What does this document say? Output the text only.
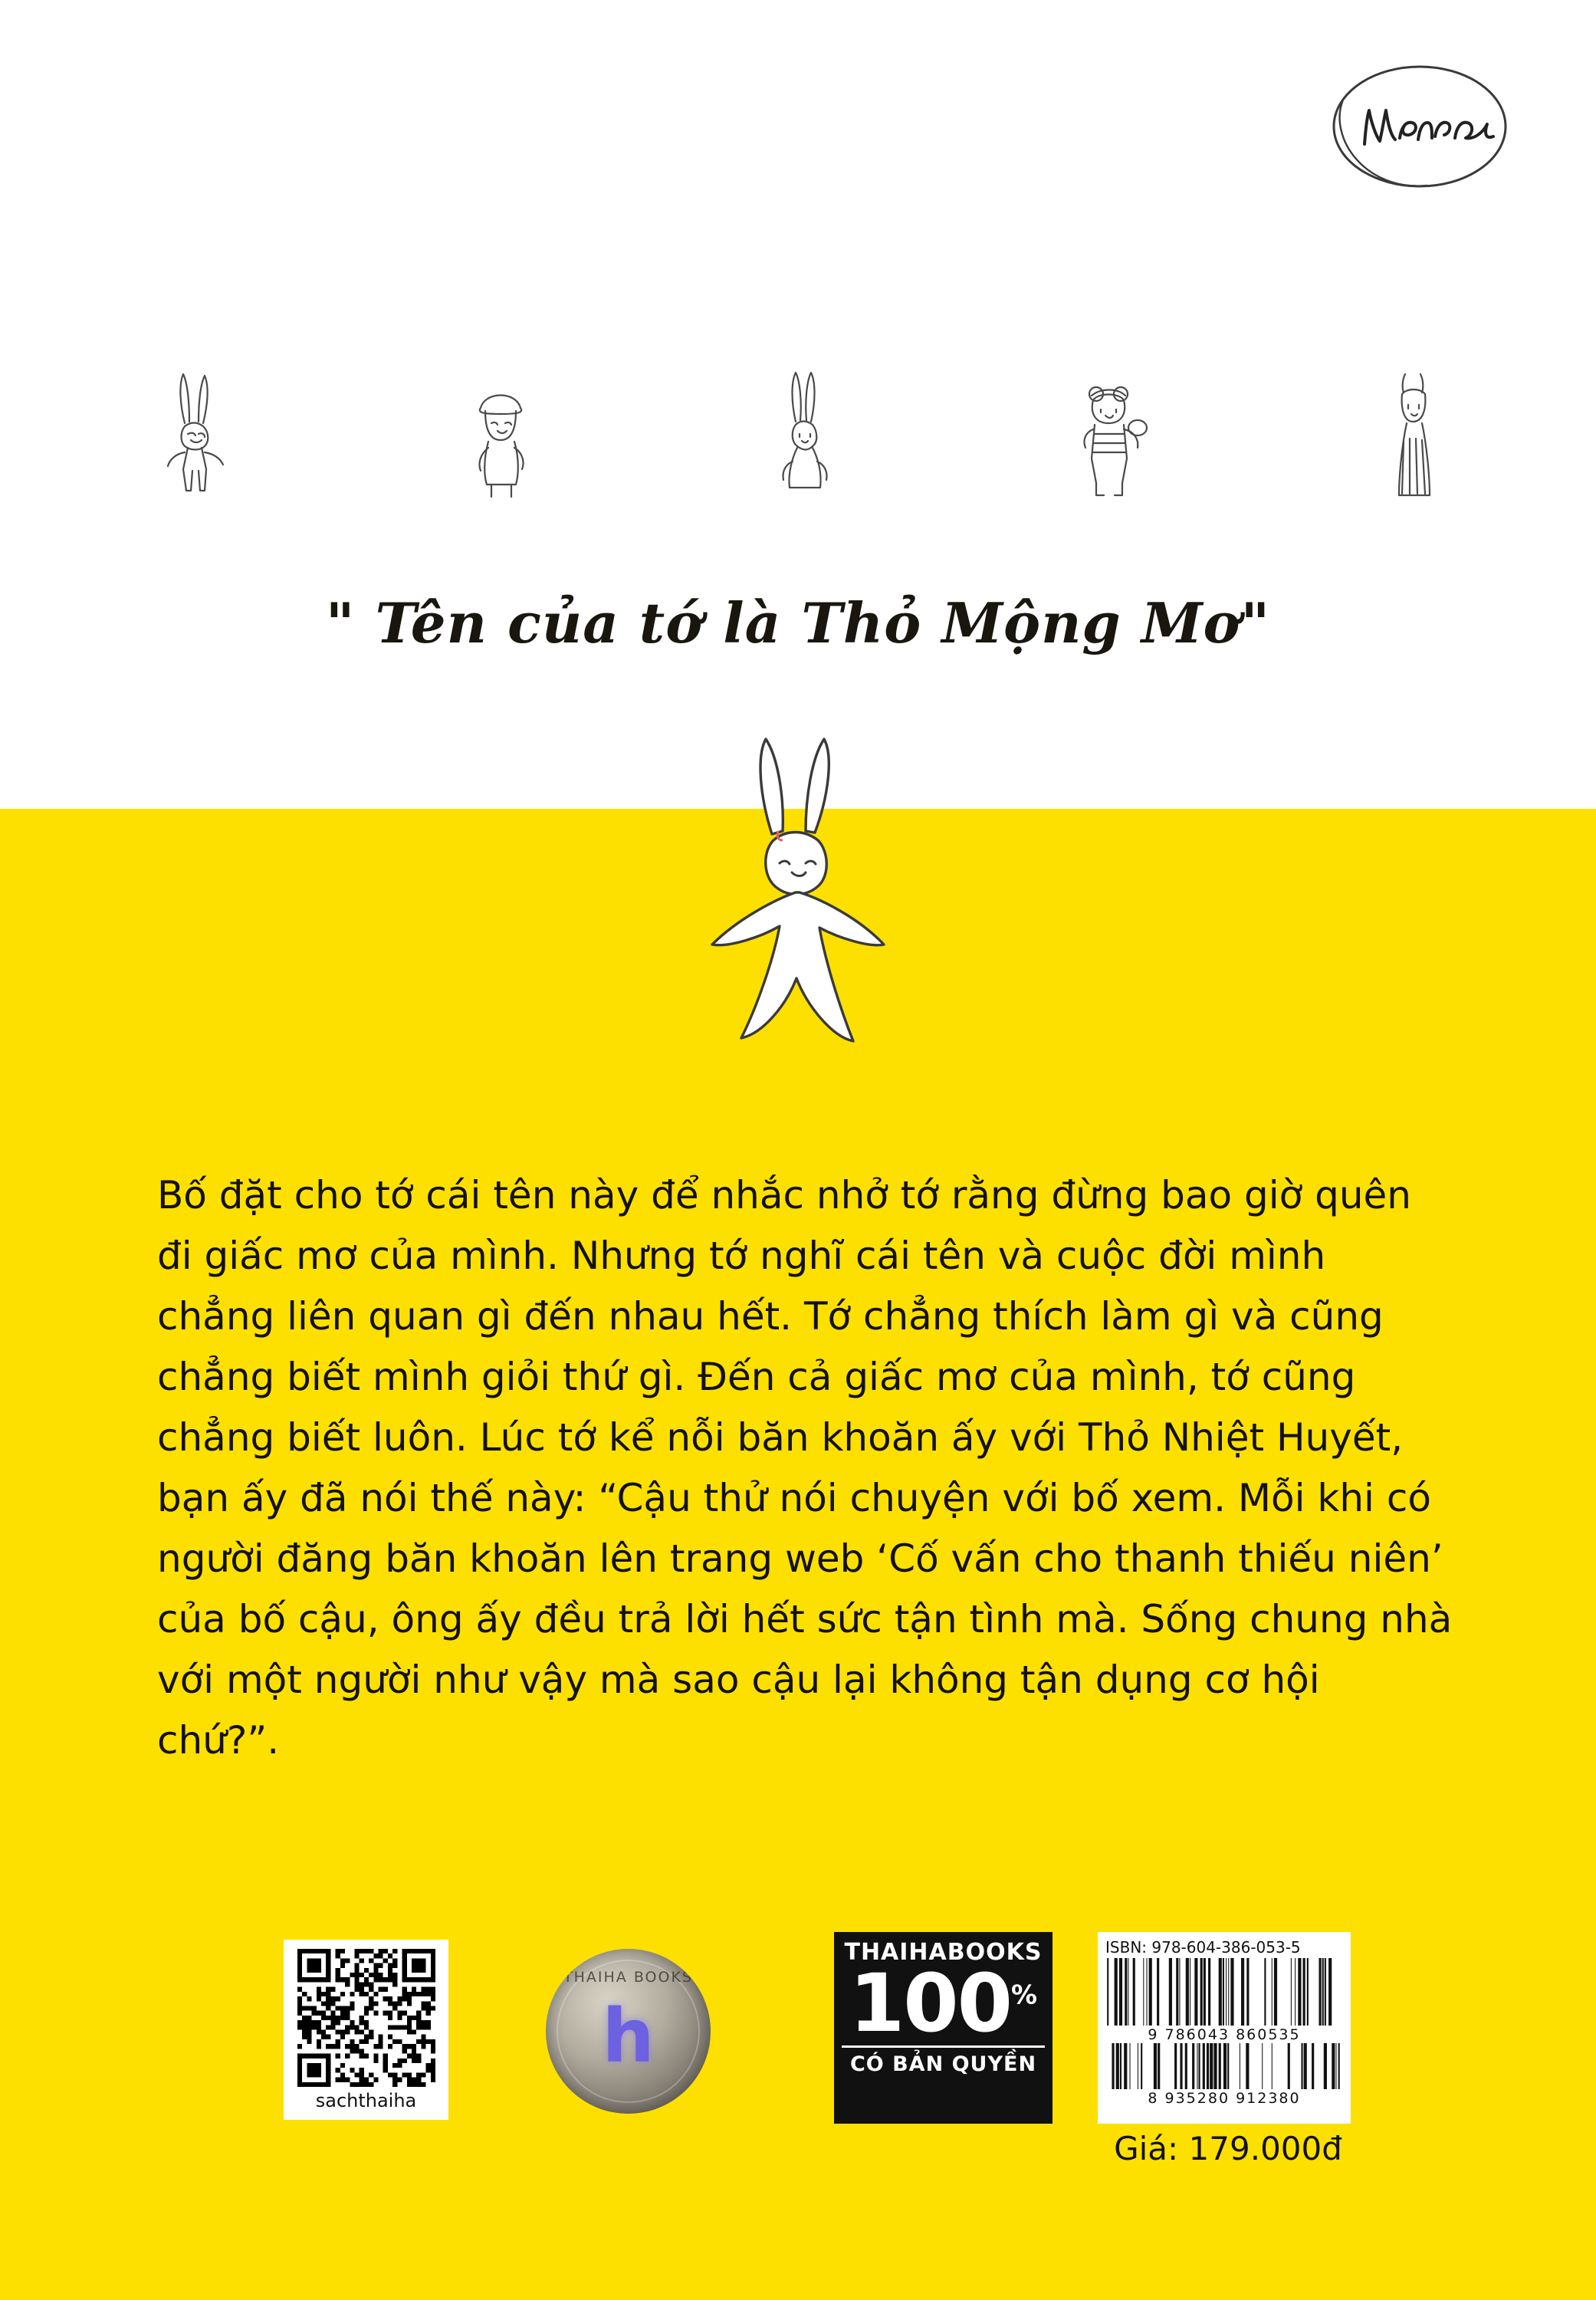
" Tên của tớ là Thỏ Mộng Mơ"

Bố đặt cho tớ cái tên này để nhắc nhở tớ rằng đừng bao giờ quên đi giấc mơ của mình. Nhưng tớ nghĩ cái tên và cuộc đời mình chẳng liên quan gì đến nhau hết. Tớ chẳng thích làm gì và cũng chẳng biết mình giỏi thứ gì. Đến cả giấc mơ của mình, tớ cũng chẳng biết luôn. Lúc tớ kể nỗi băn khoăn ấy với Thỏ Nhiệt Huyết, bạn ấy đã nói thế này: “Cậu thử nói chuyện với bố xem. Mỗi khi có người đăng băn khoăn lên trang web ‘Cố vấn cho thanh thiếu niên’ của bố cậu, ông ấy đều trả lời hết sức tận tình mà. Sống chung nhà với một người như vậy mà sao cậu lại không tận dụng cơ hội chứ?”.

sachthaiha
THAIHA BOOKS
h
THAIHABOOKS
100%
CÓ BẢN QUYỀN
ISBN: 978-604-386-053-5
9 786043 860535
8 935280 912380
Giá: 179.000đ
